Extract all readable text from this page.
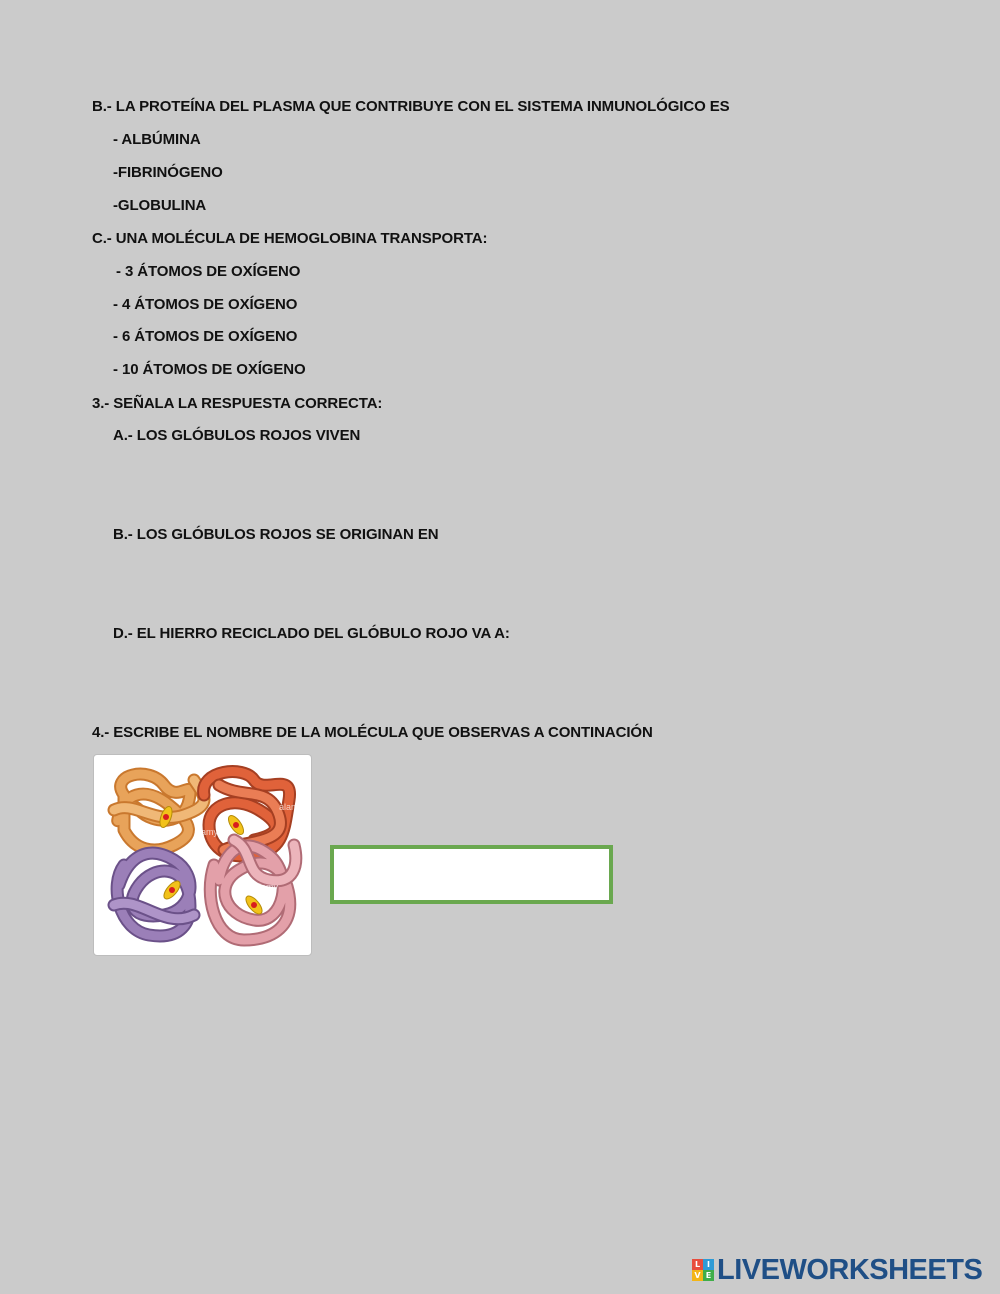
B.- LA PROTEÍNA DEL PLASMA QUE CONTRIBUYE CON EL SISTEMA INMUNOLÓGICO ES
- ALBÚMINA
-FIBRINÓGENO
-GLOBULINA
C.- UNA MOLÉCULA DE HEMOGLOBINA TRANSPORTA:
- 3 ÁTOMOS DE OXÍGENO
- 4 ÁTOMOS DE OXÍGENO
- 6 ÁTOMOS DE OXÍGENO
- 10 ÁTOMOS DE OXÍGENO
3.- SEÑALA LA RESPUESTA CORRECTA:
A.- LOS GLÓBULOS ROJOS VIVEN
B.- LOS GLÓBULOS ROJOS SE ORIGINAN EN
D.- EL HIERRO RECICLADO DEL GLÓBULO ROJO VA A:
4.- ESCRIBE EL NOMBRE DE LA MOLÉCULA QUE OBSERVAS A CONTINACIÓN
alamy
alamy
alamy
L I
V E LIVEWORKSHEETS
